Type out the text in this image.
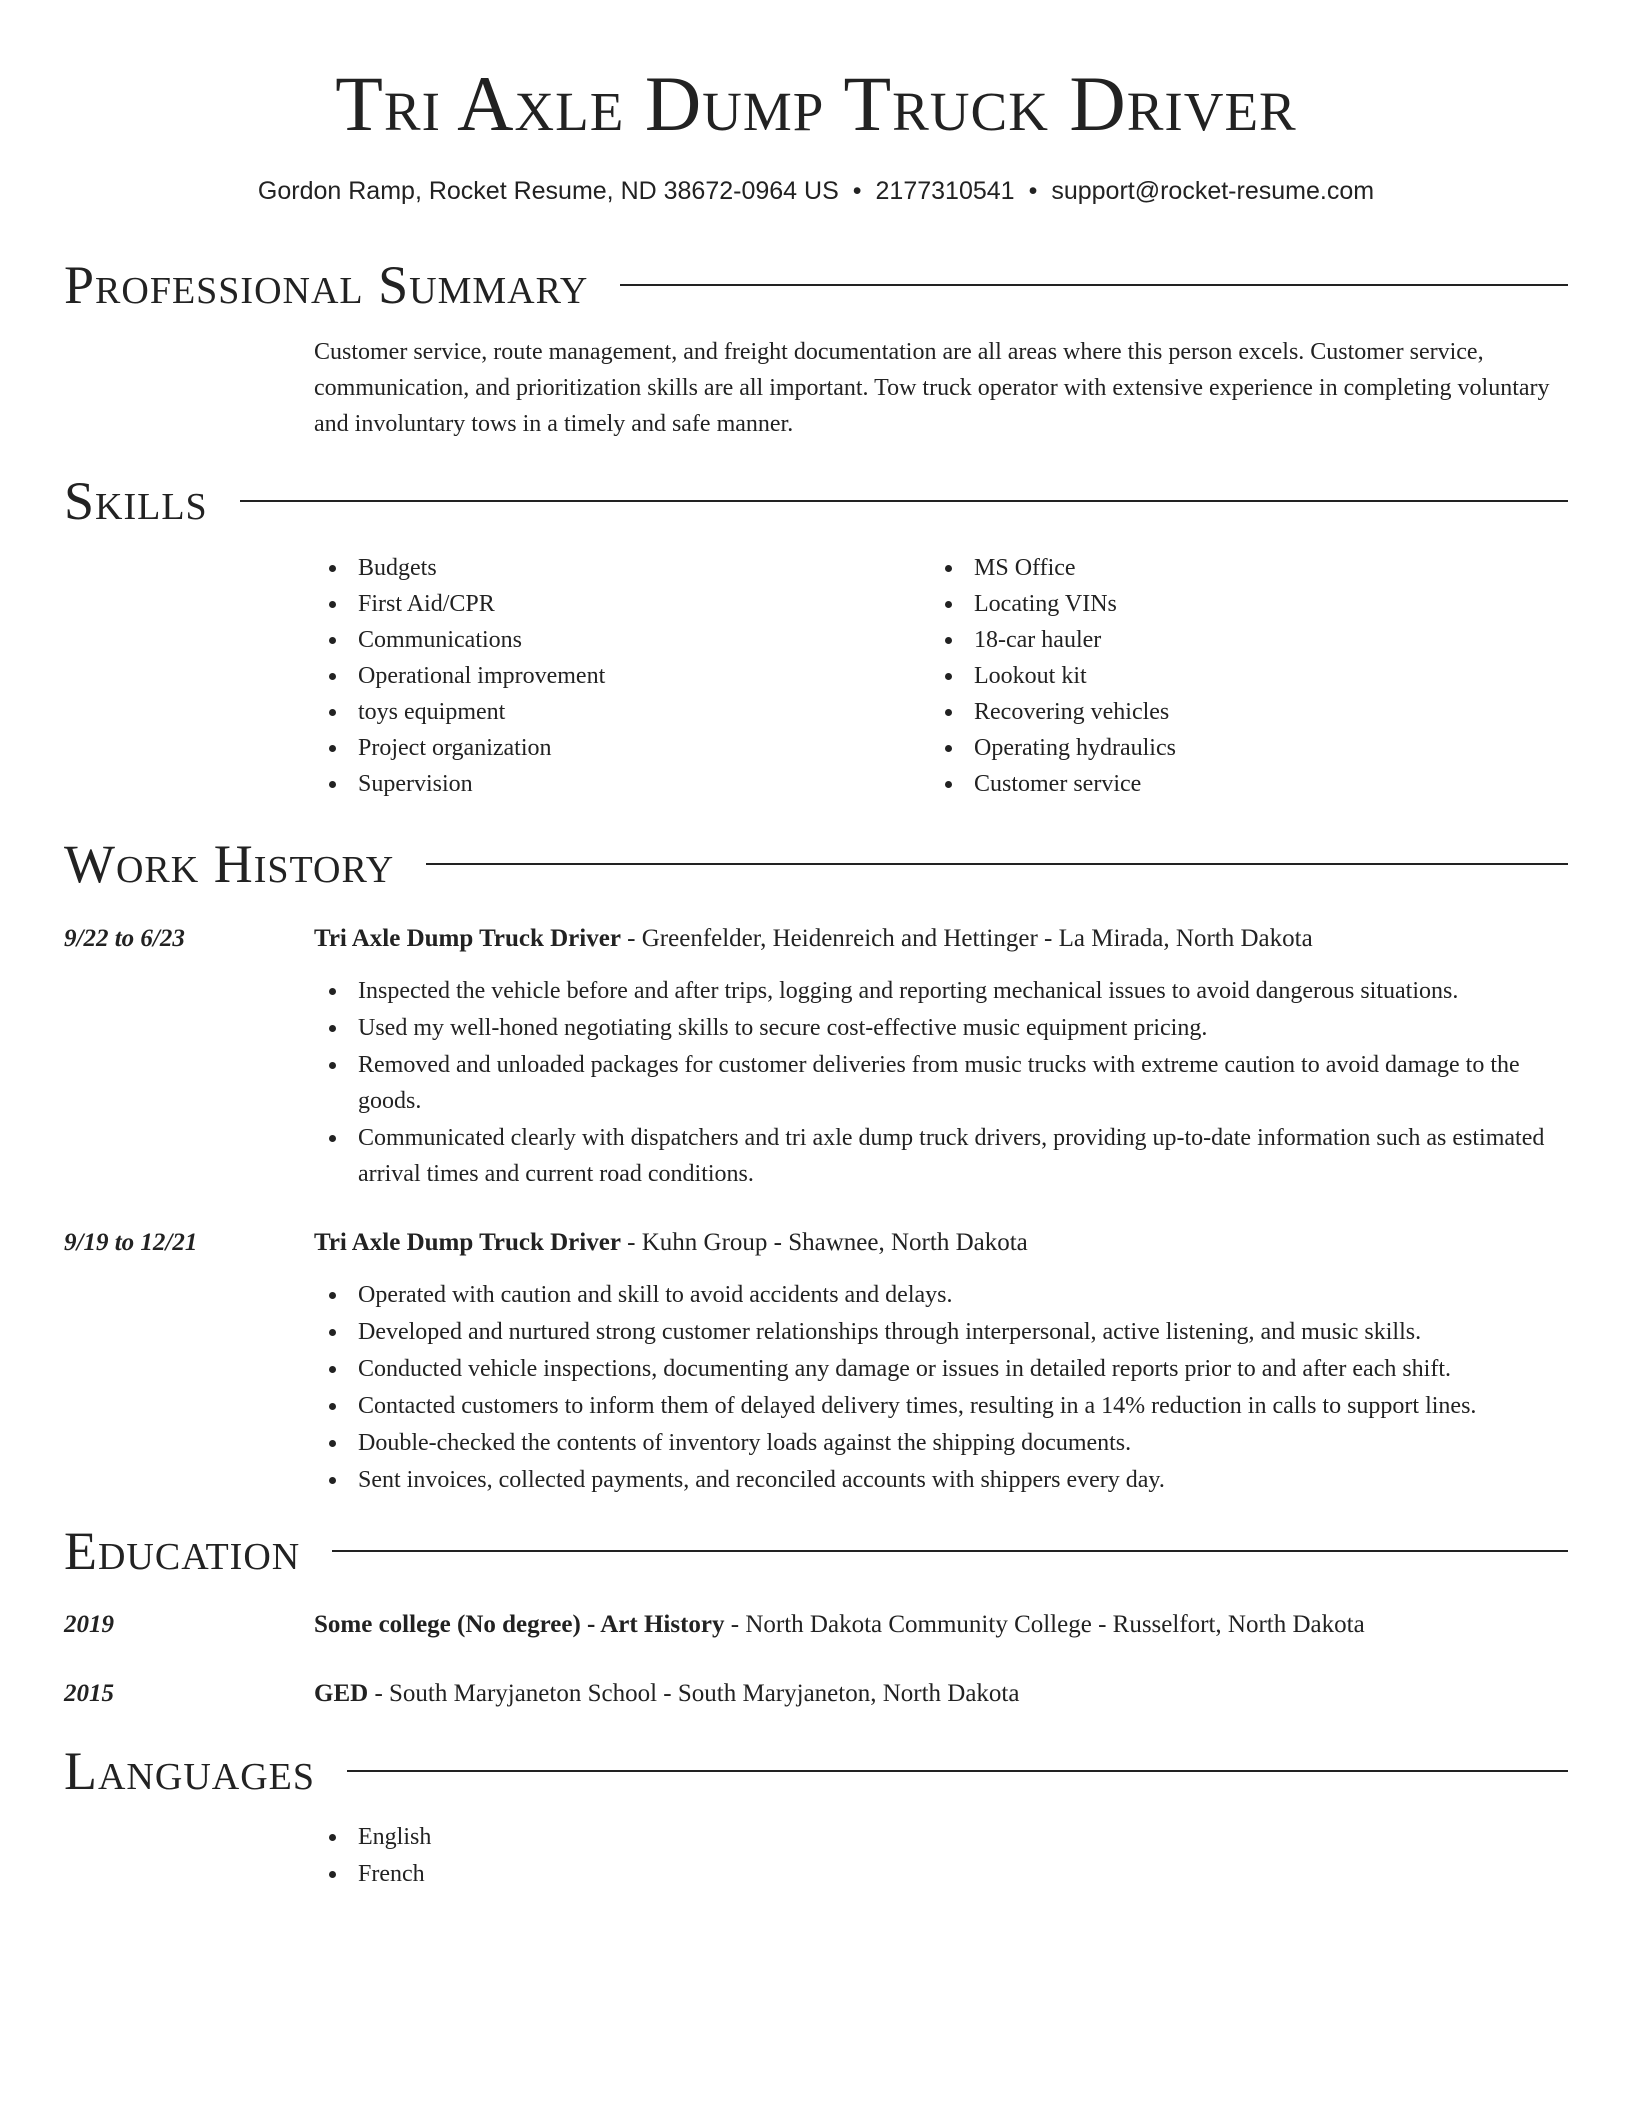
Tri Axle Dump Truck Driver
Gordon Ramp, Rocket Resume, ND 38672-0964 US • 2177310541 • support@rocket-resume.com
Professional Summary
Customer service, route management, and freight documentation are all areas where this person excels. Customer service, communication, and prioritization skills are all important. Tow truck operator with extensive experience in completing voluntary and involuntary tows in a timely and safe manner.
Skills
Budgets
First Aid/CPR
Communications
Operational improvement
toys equipment
Project organization
Supervision
MS Office
Locating VINs
18-car hauler
Lookout kit
Recovering vehicles
Operating hydraulics
Customer service
Work History
9/22 to 6/23	Tri Axle Dump Truck Driver - Greenfelder, Heidenreich and Hettinger - La Mirada, North Dakota
Inspected the vehicle before and after trips, logging and reporting mechanical issues to avoid dangerous situations.
Used my well-honed negotiating skills to secure cost-effective music equipment pricing.
Removed and unloaded packages for customer deliveries from music trucks with extreme caution to avoid damage to the goods.
Communicated clearly with dispatchers and tri axle dump truck drivers, providing up-to-date information such as estimated arrival times and current road conditions.
9/19 to 12/21	Tri Axle Dump Truck Driver - Kuhn Group - Shawnee, North Dakota
Operated with caution and skill to avoid accidents and delays.
Developed and nurtured strong customer relationships through interpersonal, active listening, and music skills.
Conducted vehicle inspections, documenting any damage or issues in detailed reports prior to and after each shift.
Contacted customers to inform them of delayed delivery times, resulting in a 14% reduction in calls to support lines.
Double-checked the contents of inventory loads against the shipping documents.
Sent invoices, collected payments, and reconciled accounts with shippers every day.
Education
2019	Some college (No degree) - Art History - North Dakota Community College - Russelfort, North Dakota
2015	GED - South Maryjaneton School - South Maryjaneton, North Dakota
Languages
English
French
